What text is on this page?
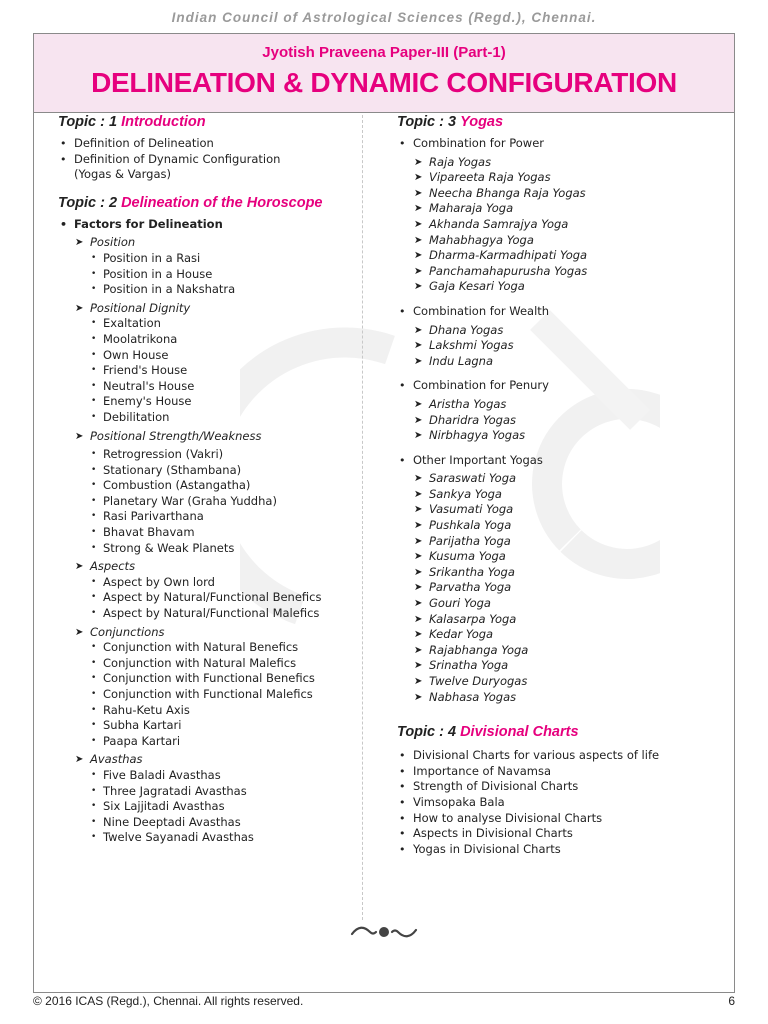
Indian Council of Astrological Sciences (Regd.), Chennai.
Jyotish Praveena Paper-III (Part-1)
DELINEATION & DYNAMIC CONFIGURATION
Topic : 1 Introduction
• Definition of Delineation
• Definition of Dynamic Configuration
(Yogas & Vargas)
Topic : 2 Delineation of the Horoscope
• Factors for Delineation
➤ Position
• Position in a Rasi
• Position in a House
• Position in a Nakshatra
➤ Positional Dignity
• Exaltation
• Moolatrikona
• Own House
• Friend's House
• Neutral's House
• Enemy's House
• Debilitation
➤ Positional Strength/Weakness
• Retrogression (Vakri)
• Stationary (Sthambana)
• Combustion (Astangatha)
• Planetary War (Graha Yuddha)
• Rasi Parivarthana
• Bhavat Bhavam
• Strong & Weak Planets
➤ Aspects
• Aspect by Own lord
• Aspect by Natural/Functional Benefics
• Aspect by Natural/Functional Malefics
➤ Conjunctions
• Conjunction with Natural Benefics
• Conjunction with Natural Malefics
• Conjunction with Functional Benefics
• Conjunction with Functional Malefics
• Rahu-Ketu Axis
• Subha Kartari
• Paapa Kartari
➤ Avasthas
• Five Baladi Avasthas
• Three Jagratadi Avasthas
• Six Lajjitadi Avasthas
• Nine Deeptadi Avasthas
• Twelve Sayanadi Avasthas
Topic : 3 Yogas
• Combination for Power
➤ Raja Yogas
➤ Vipareeta Raja Yogas
➤ Neecha Bhanga Raja Yogas
➤ Maharaja Yoga
➤ Akhanda Samrajya Yoga
➤ Mahabhagya Yoga
➤ Dharma-Karmadhipati Yoga
➤ Panchamahapurusha Yogas
➤ Gaja Kesari Yoga
• Combination for Wealth
➤ Dhana Yogas
➤ Lakshmi Yogas
➤ Indu Lagna
• Combination for Penury
➤ Aristha Yogas
➤ Dharidra Yogas
➤ Nirbhagya Yogas
• Other Important Yogas
➤ Saraswati Yoga
➤ Sankya Yoga
➤ Vasumati Yoga
➤ Pushkala Yoga
➤ Parijatha Yoga
➤ Kusuma Yoga
➤ Srikantha Yoga
➤ Parvatha Yoga
➤ Gouri Yoga
➤ Kalasarpa Yoga
➤ Kedar Yoga
➤ Rajabhanga Yoga
➤ Srinatha Yoga
➤ Twelve Duryogas
➤ Nabhasa Yogas
Topic : 4 Divisional Charts
• Divisional Charts for various aspects of life
• Importance of Navamsa
• Strength of Divisional Charts
• Vimsopaka Bala
• How to analyse Divisional Charts
• Aspects in Divisional Charts
• Yogas in Divisional Charts
© 2016 ICAS (Regd.), Chennai. All rights reserved.	6
